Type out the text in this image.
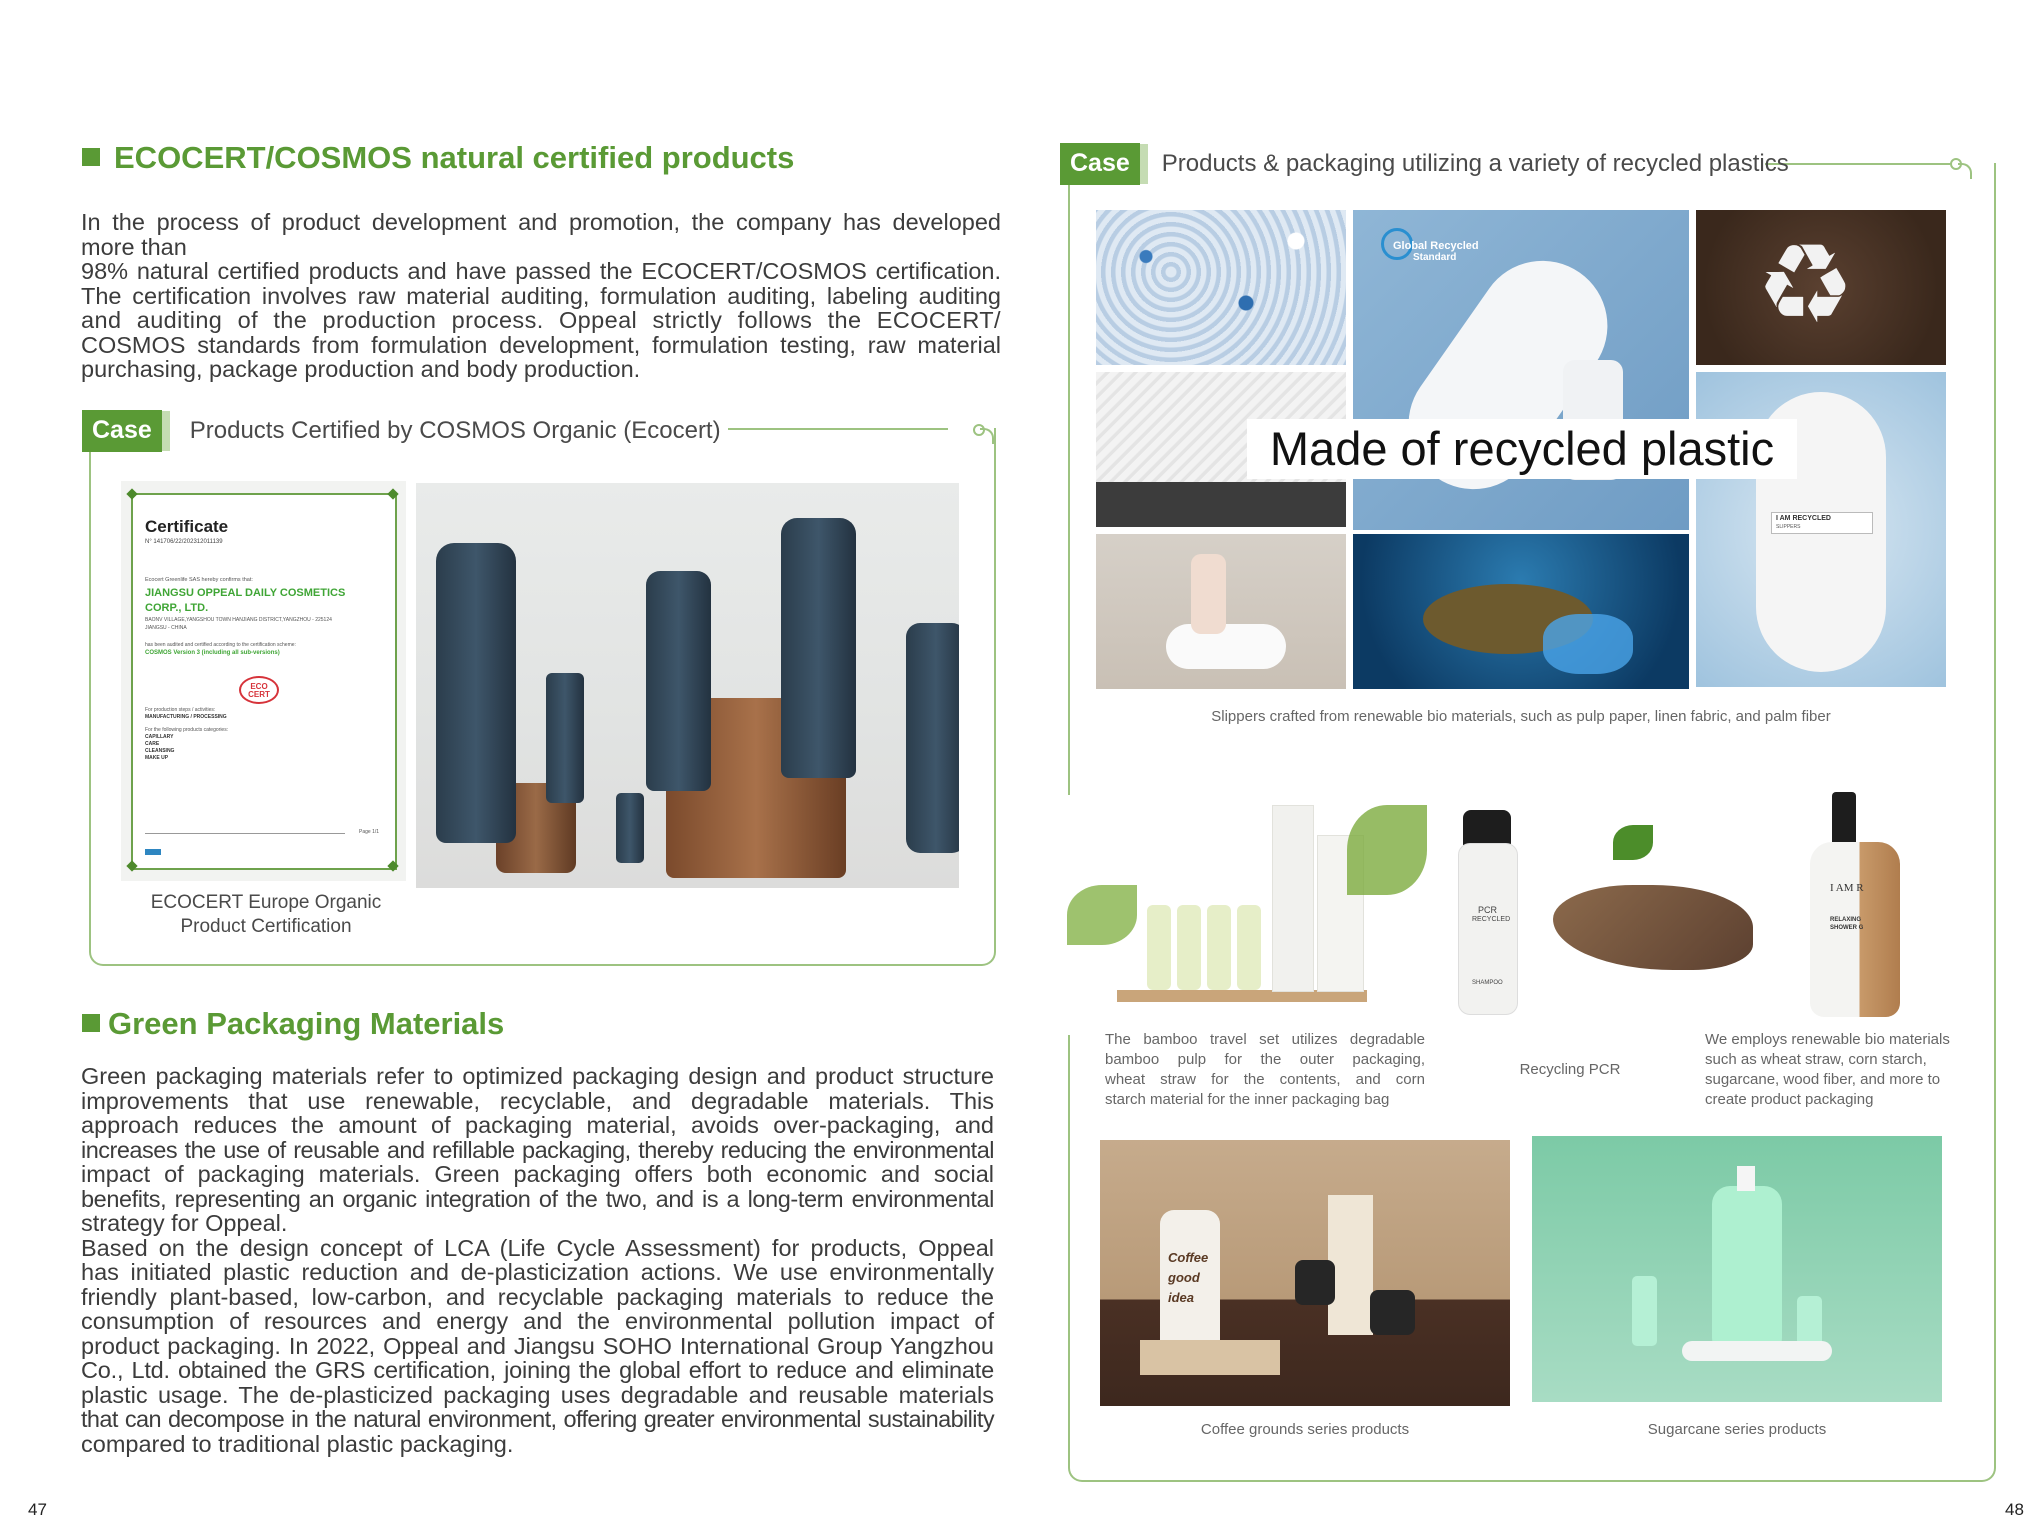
ECOCERT/COSMOS natural certified products
In the process of product development and promotion, the company has developed
more than
98% natural certified products and have passed the ECOCERT/COSMOS certification.
The certification involves raw material auditing, formulation auditing, labeling auditing
and auditing of the production process. Oppeal strictly follows the ECOCERT/
COSMOS standards from formulation development, formulation testing, raw material
purchasing, package production and body production.
Case	Products Certified by COSMOS Organic (Ecocert)
Certificate
N° 141706/22/202312011139
Ecocert Greenlife SAS hereby confirms that:
JIANGSU OPPEAL DAILY COSMETICS
CORP., LTD.
BAONV VILLAGE,YANGSHOU TOWN HANJIANG DISTRICT,YANGZHOU - 225124
JIANGSU - CHINA
has been audited and certified according to the certification scheme:
COSMOS Version 3 (including all sub-versions)
ECO CERT
For production steps / activities:
MANUFACTURING / PROCESSING
For the following products categories:
CAPILLARY
CARE
CLEANSING
MAKE UP
Page 1/1
ECOCERT Europe Organic
Product Certification
Green Packaging Materials
Green packaging materials refer to optimized packaging design and product structure
improvements that use renewable, recyclable, and degradable materials. This
approach reduces the amount of packaging material, avoids over-packaging, and
increases the use of reusable and refillable packaging, thereby reducing the environmental
impact of packaging materials. Green packaging offers both economic and social
benefits, representing an organic integration of the two, and is a long-term environmental
strategy for Oppeal.
Based on the design concept of LCA (Life Cycle Assessment) for products, Oppeal
has initiated plastic reduction and de-plasticization actions. We use environmentally
friendly plant-based, low-carbon, and recyclable packaging materials to reduce the
consumption of resources and energy and the environmental pollution impact of
product packaging. In 2022, Oppeal and Jiangsu SOHO International Group Yangzhou
Co., Ltd. obtained the GRS certification, joining the global effort to reduce and eliminate
plastic usage. The de-plasticized packaging uses degradable and reusable materials
that can decompose in the natural environment, offering greater environmental sustainability
compared to traditional plastic packaging.
47
Case	Products & packaging utilizing a variety of recycled plastics
Global Recycled
Standard	♻
I AM RECYCLED
SLIPPERS
Made of recycled plastic
Slippers crafted from renewable bio materials, such as pulp paper, linen fabric, and palm fiber
PCR
RECYCLED
SHAMPOO
I AM R
RELAXING
SHOWER G
The bamboo travel set utilizes degradable
bamboo pulp for the outer packaging,
wheat straw for the contents, and corn
starch material for the inner packaging bag
Recycling PCR
We employs renewable bio materials
such as wheat straw, corn starch,
sugarcane, wood fiber, and more to
create product packaging
Coffee
good
idea
Coffee grounds series products	Sugarcane series products
48
